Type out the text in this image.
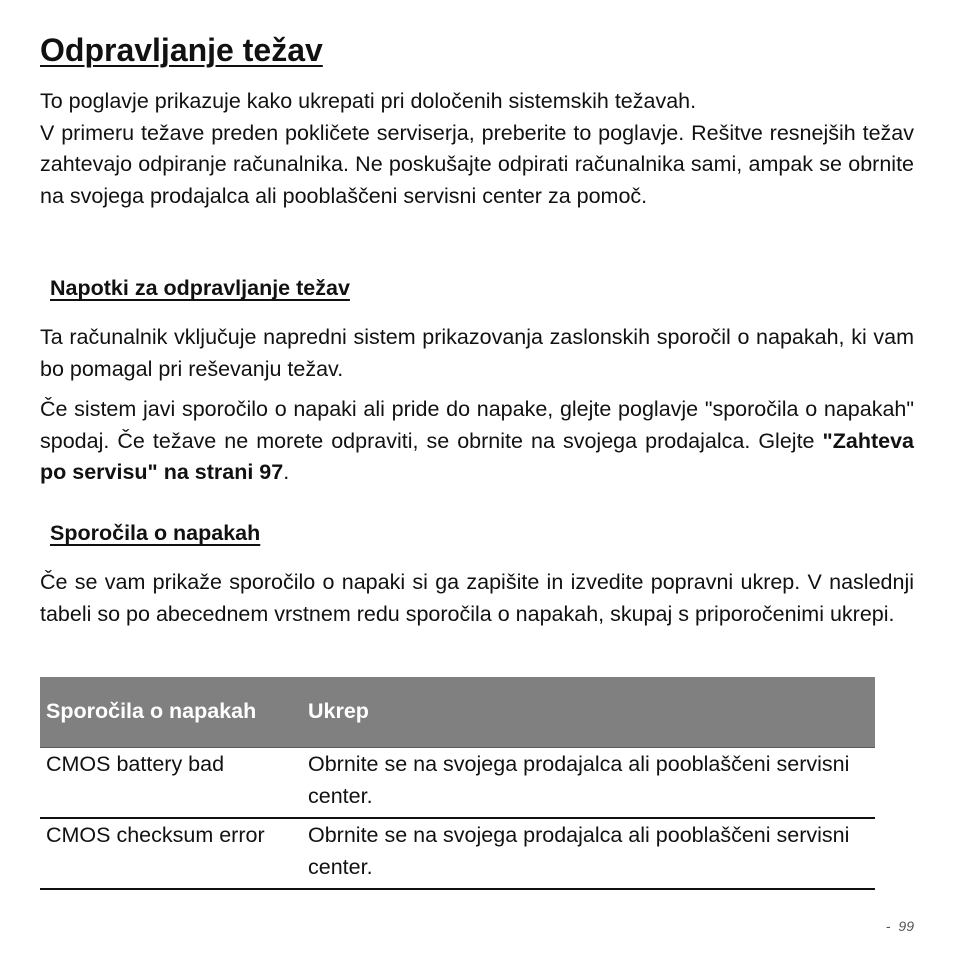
Odpravljanje težav

To poglavje prikazuje kako ukrepati pri določenih sistemskih težavah.

V primeru težave preden pokličete serviserja, preberite to poglavje. Rešitve resnejših težav zahtevajo odpiranje računalnika. Ne poskušajte odpirati računalnika sami, ampak se obrnite na svojega prodajalca ali pooblaščeni servisni center za pomoč.

Napotki za odpravljanje težav

Ta računalnik vključuje napredni sistem prikazovanja zaslonskih sporočil o napakah, ki vam bo pomagal pri reševanju težav.

Če sistem javi sporočilo o napaki ali pride do napake, glejte poglavje "sporočila o napakah" spodaj. Če težave ne morete odpraviti, se obrnite na svojega prodajalca. Glejte "Zahteva po servisu" na strani 97.

Sporočila o napakah

Če se vam prikaže sporočilo o napaki si ga zapišite in izvedite popravni ukrep. V naslednji tabeli so po abecednem vrstnem redu sporočila o napakah, skupaj s priporočenimi ukrepi.

Sporočila o napakah	Ukrep
CMOS battery bad	Obrnite se na svojega prodajalca ali pooblaščeni servisni center.
CMOS checksum error	Obrnite se na svojega prodajalca ali pooblaščeni servisni center.
- 99
